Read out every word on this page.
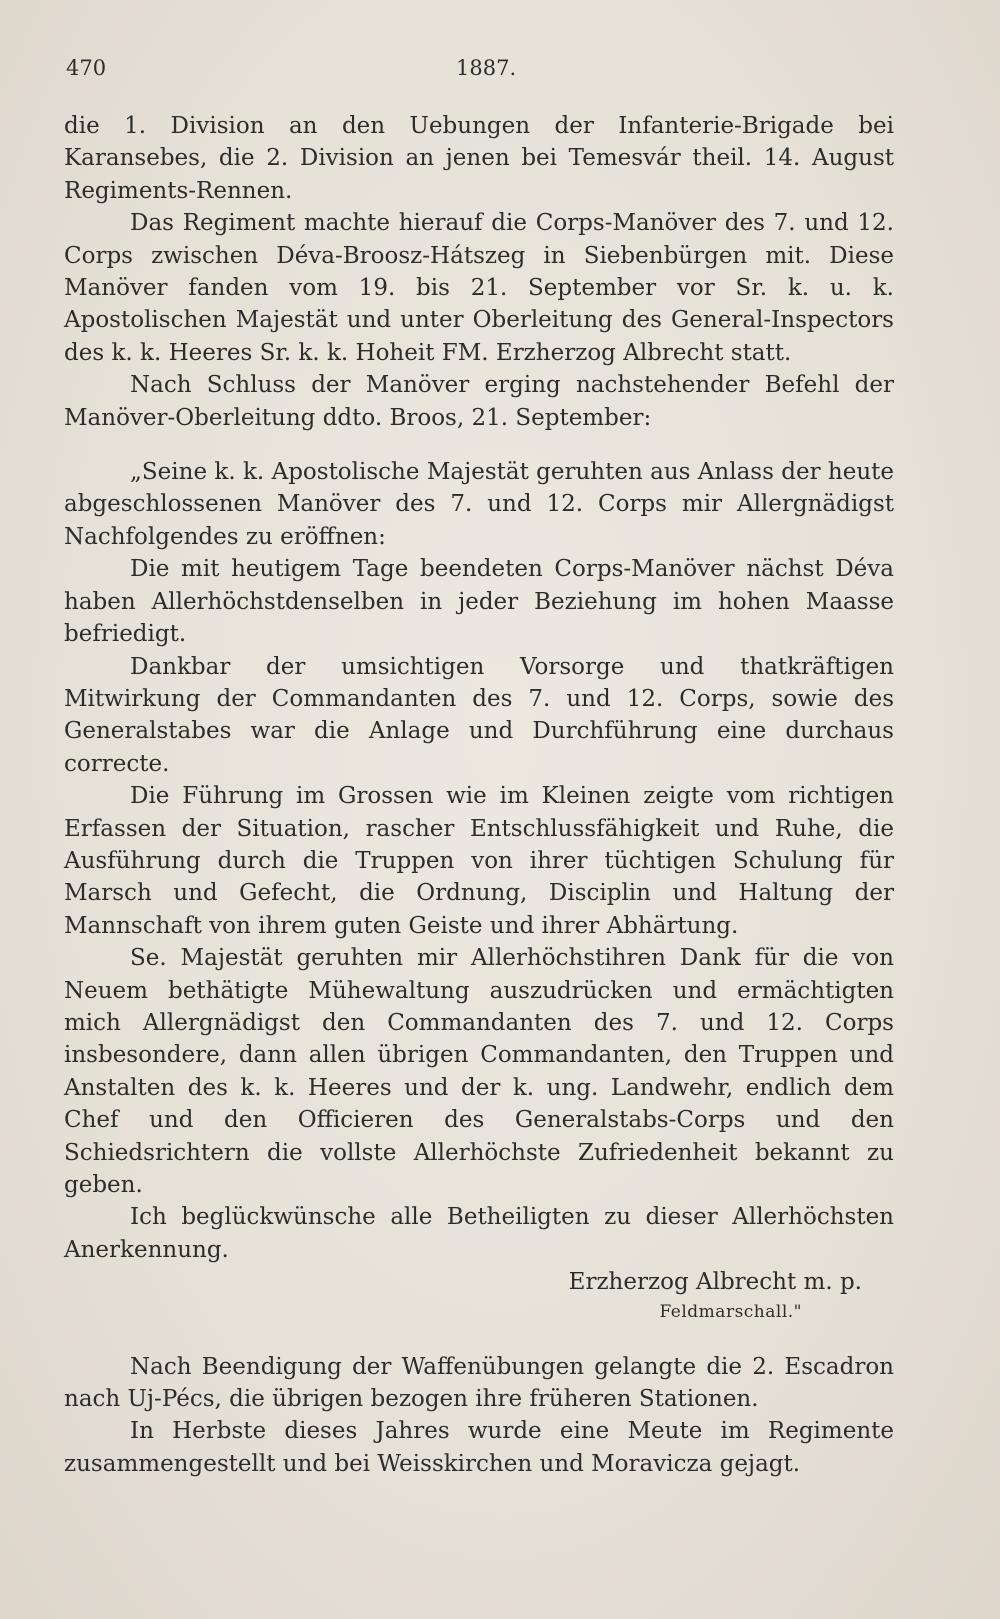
470	1887.

die 1. Division an den Uebungen der Infanterie-Brigade bei Karansebes, die 2. Division an jenen bei Temesvár theil. 14. August Regiments-Rennen.

Das Regiment machte hierauf die Corps-Manöver des 7. und 12. Corps zwischen Déva-Broosz-Hátszeg in Siebenbürgen mit. Diese Manöver fanden vom 19. bis 21. September vor Sr. k. u. k. Apostolischen Majestät und unter Oberleitung des General-Inspectors des k. k. Heeres Sr. k. k. Hoheit FM. Erzherzog Albrecht statt.

Nach Schluss der Manöver erging nachstehender Befehl der Manöver-Oberleitung ddto. Broos, 21. September:

„Seine k. k. Apostolische Majestät geruhten aus Anlass der heute abgeschlossenen Manöver des 7. und 12. Corps mir Allergnädigst Nachfolgendes zu eröffnen:

Die mit heutigem Tage beendeten Corps-Manöver nächst Déva haben Allerhöchstdenselben in jeder Beziehung im hohen Maasse befriedigt.

Dankbar der umsichtigen Vorsorge und thatkräftigen Mitwirkung der Commandanten des 7. und 12. Corps, sowie des Generalstabes war die Anlage und Durchführung eine durchaus correcte.

Die Führung im Grossen wie im Kleinen zeigte vom richtigen Erfassen der Situation, rascher Entschlussfähigkeit und Ruhe, die Ausführung durch die Truppen von ihrer tüchtigen Schulung für Marsch und Gefecht, die Ordnung, Disciplin und Haltung der Mannschaft von ihrem guten Geiste und ihrer Abhärtung.

Se. Majestät geruhten mir Allerhöchstihren Dank für die von Neuem bethätigte Mühewaltung auszudrücken und ermächtigten mich Allergnädigst den Commandanten des 7. und 12. Corps insbesondere, dann allen übrigen Commandanten, den Truppen und Anstalten des k. k. Heeres und der k. ung. Landwehr, endlich dem Chef und den Officieren des Generalstabs-Corps und den Schiedsrichtern die vollste Allerhöchste Zufriedenheit bekannt zu geben.

Ich beglückwünsche alle Betheiligten zu dieser Allerhöchsten Anerkennung.

Erzherzog Albrecht m. p.

Feldmarschall."

Nach Beendigung der Waffenübungen gelangte die 2. Escadron nach Uj-Pécs, die übrigen bezogen ihre früheren Stationen.

In Herbste dieses Jahres wurde eine Meute im Regimente zusammengestellt und bei Weisskirchen und Moravicza gejagt.
